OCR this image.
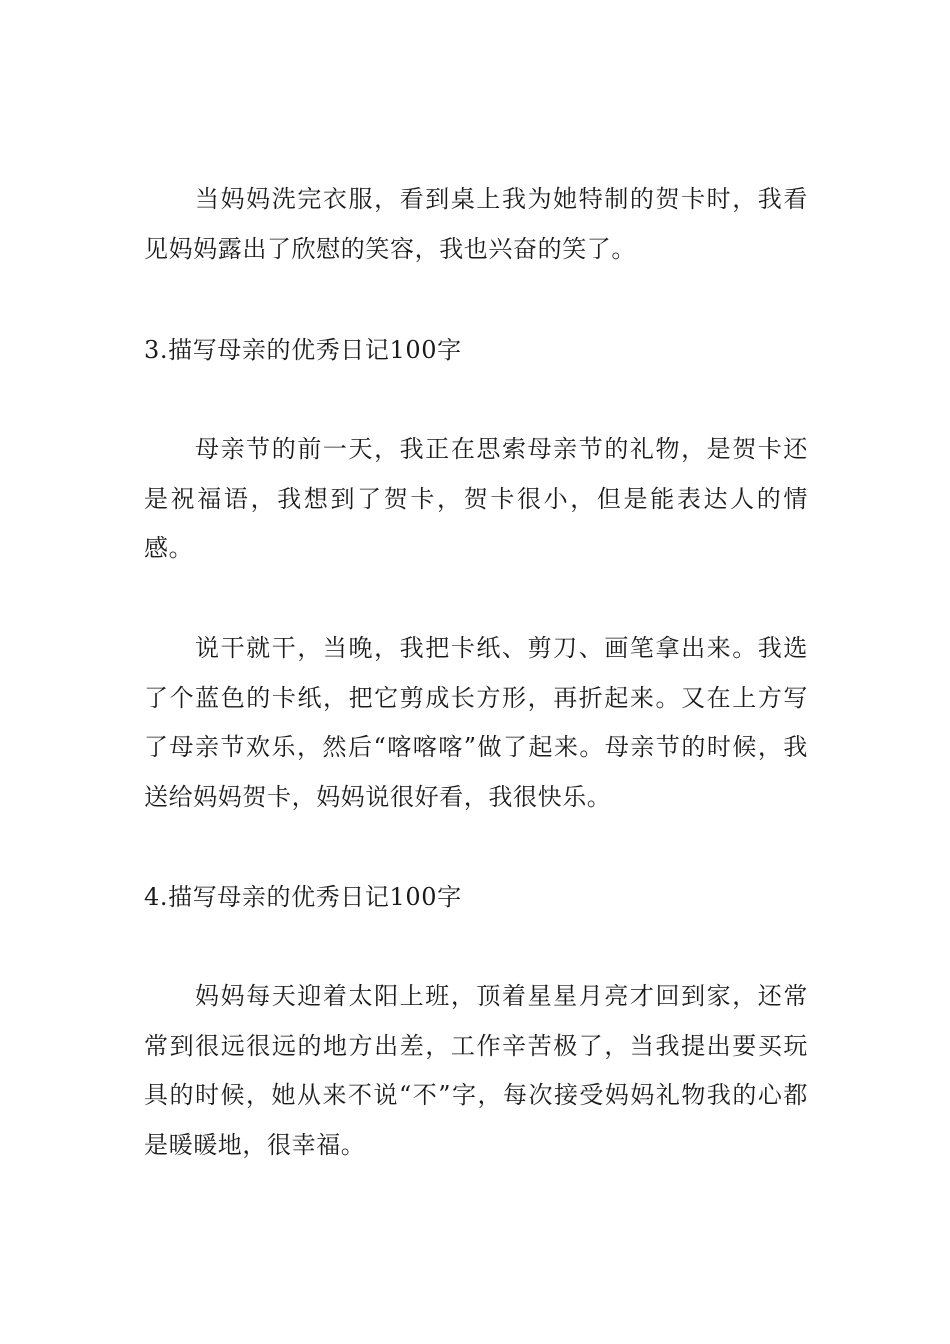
当妈妈洗完衣服，看到桌上我为她特制的贺卡时，我看见妈妈露出了欣慰的笑容，我也兴奋的笑了。

3.描写母亲的优秀日记100字

母亲节的前一天，我正在思索母亲节的礼物，是贺卡还是祝福语，我想到了贺卡，贺卡很小，但是能表达人的情感。

说干就干，当晚，我把卡纸、剪刀、画笔拿出来。我选了个蓝色的卡纸，把它剪成长方形，再折起来。又在上方写了母亲节欢乐，然后“喀喀喀”做了起来。母亲节的时候，我送给妈妈贺卡，妈妈说很好看，我很快乐。

4.描写母亲的优秀日记100字

妈妈每天迎着太阳上班，顶着星星月亮才回到家，还常常到很远很远的地方出差，工作辛苦极了，当我提出要买玩具的时候，她从来不说“不”字，每次接受妈妈礼物我的心都是暖暖地，很幸福。
